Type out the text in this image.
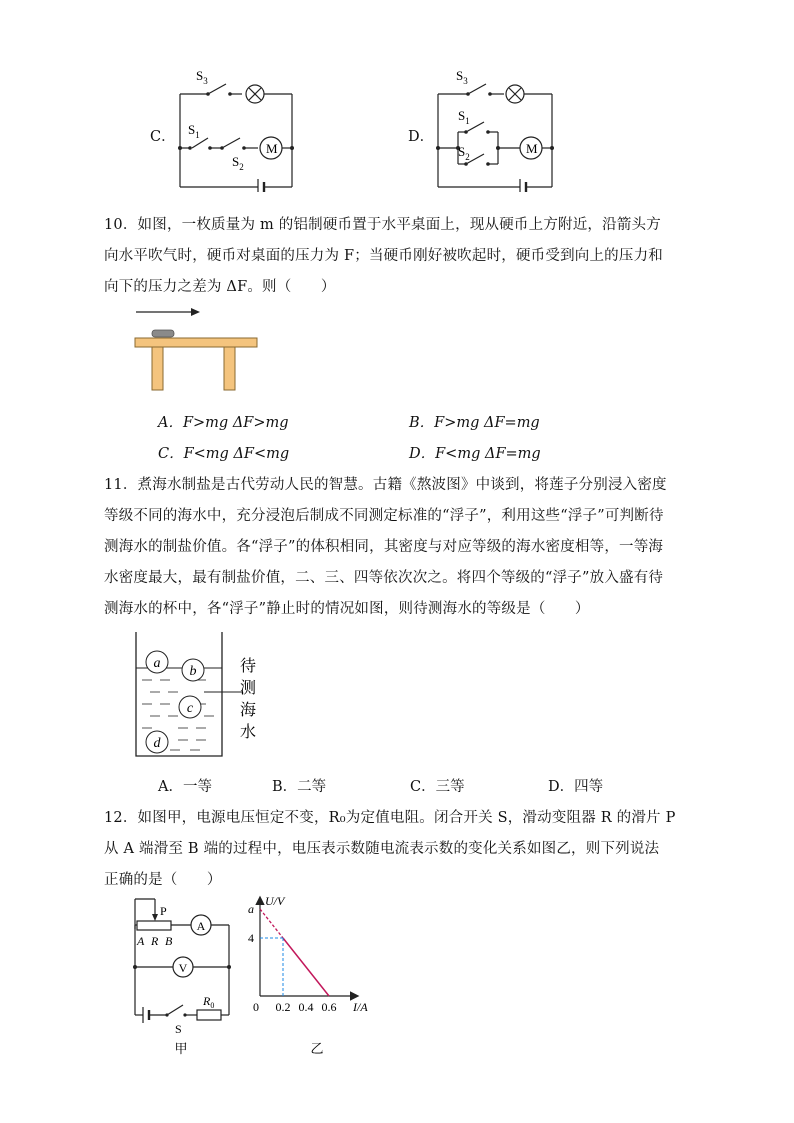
C．
$S_3$
$S_1$
$S_2$
M
D．
$S_3$
$S_1$
$S_2$
M
10．如图，一枚质量为 m 的铝制硬币置于水平桌面上，现从硬币上方附近，沿箭头方
向水平吹气时，硬币对桌面的压力为 F；当硬币刚好被吹起时，硬币受到向上的压力和
向下的压力之差为 ΔF。则（　　）
A．F>mg ΔF>mg	B．F>mg ΔF=mg
C．F<mg ΔF<mg	D．F<mg ΔF=mg
11．煮海水制盐是古代劳动人民的智慧。古籍《熬波图》中谈到，将莲子分别浸入密度
等级不同的海水中，充分浸泡后制成不同测定标准的“浮子”，利用这些“浮子”可判断待
测海水的制盐价值。各“浮子”的体积相同，其密度与对应等级的海水密度相等，一等海
水密度最大，最有制盐价值，二、三、四等依次次之。将四个等级的“浮子”放入盛有待
测海水的杯中，各“浮子”静止时的情况如图，则待测海水的等级是（　　）
a
b
c
d
待
测
海
水
A．一等	B．二等	C．三等	D．四等
12．如图甲，电源电压恒定不变，R₀为定值电阻。闭合开关 S，滑动变阻器 R 的滑片 P
从 A 端滑至 B 端的过程中，电压表示数随电流表示数的变化关系如图乙，则下列说法
正确的是（　　）
P
A R B
A
V
S
$R_0$
甲
U/V
I/A
0 0.2 0.4 0.6
4
a
乙
